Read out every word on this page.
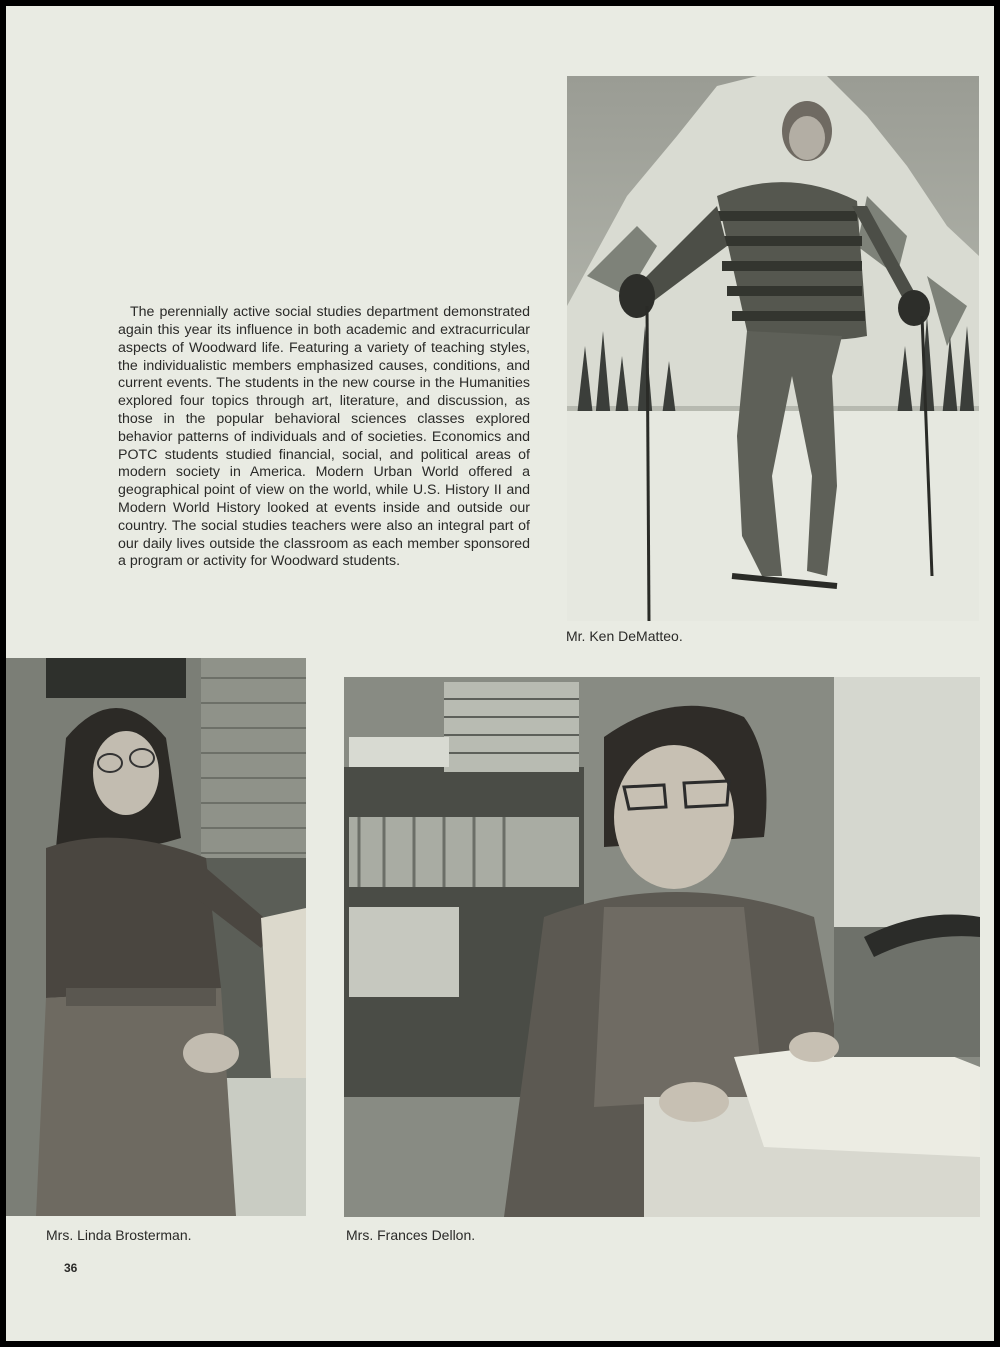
The perennially active social studies department demonstrated again this year its influence in both academic and extracurricular aspects of Woodward life. Featuring a variety of teaching styles, the individualistic members emphasized causes, conditions, and current events. The students in the new course in the Humanities explored four topics through art, literature, and discussion, as those in the popular behavioral sciences classes explored behavior patterns of individuals and of societies. Economics and POTC students studied financial, social, and political areas of modern society in America. Modern Urban World offered a geographical point of view on the world, while U.S. History II and Modern World History looked at events inside and outside our country. The social studies teachers were also an integral part of our daily lives outside the classroom as each member sponsored a program or activity for Woodward students.

Mr. Ken DeMatteo.
Mrs. Linda Brosterman.	Mrs. Frances Dellon.
36
